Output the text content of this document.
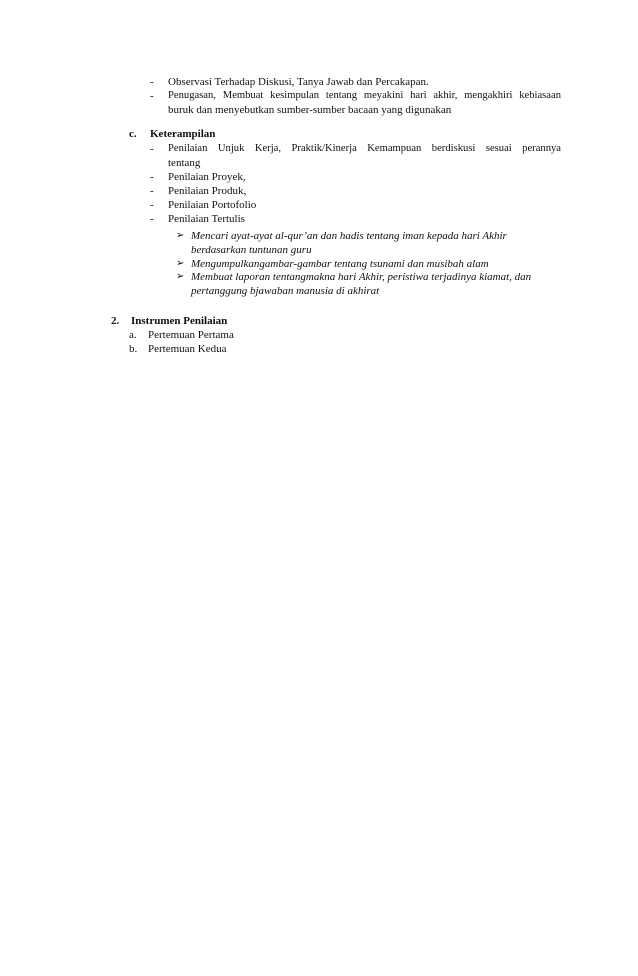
- Observasi Terhadap Diskusi, Tanya Jawab dan Percakapan.
- Penugasan, Membuat kesimpulan tentang meyakini hari akhir, mengakhiri kebiasaan
buruk dan menyebutkan sumber-sumber bacaan yang digunakan
c. Keterampilan
- Penilaian Unjuk Kerja, Praktik/Kinerja Kemampuan berdiskusi sesuai perannya
tentang
- Penilaian Proyek,
- Penilaian Produk,
- Penilaian Portofolio
- Penilaian Tertulis
➢ Mencari ayat-ayat al-qur’an dan hadis tentang iman kepada hari Akhir
berdasarkan tuntunan guru
➢ Mengumpulkangambar-gambar tentang tsunami dan musibah alam
➢ Membuat laporan tentangmakna hari Akhir, peristiwa terjadinya kiamat, dan
pertanggung bjawaban manusia di akhirat
2. Instrumen Penilaian
a. Pertemuan Pertama
b. Pertemuan Kedua
